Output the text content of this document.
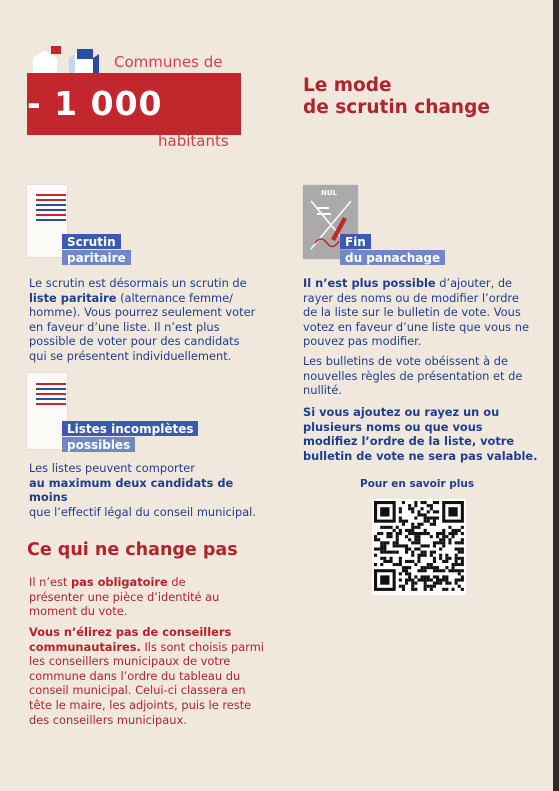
Communes de
- 1 000
habitants
Le mode
de scrutin change
Scrutin
paritaire

Le scrutin est désormais un scrutin de liste paritaire (alternance femme/ homme). Vous pourrez seulement voter en faveur d’une liste. Il n’est plus possible de voter pour des candidats qui se présentent individuellement.

Listes incomplètes
possibles
Les listes peuvent comporter
au maximum deux candidats de moins
que l’effectif légal du conseil municipal.
NUL
Fin
du panachage

Il n’est plus possible d’ajouter, de rayer des noms ou de modifier l’ordre de la liste sur le bulletin de vote. Vous votez en faveur d’une liste que vous ne pouvez pas modifier.

Les bulletins de vote obéissent à de nouvelles règles de présentation et de nullité.

Si vous ajoutez ou rayez un ou plusieurs noms ou que vous modifiez l’ordre de la liste, votre bulletin de vote ne sera pas valable.

Pour en savoir plus
Ce qui ne change pas

Il n’est pas obligatoire de présenter une pièce d’identité au moment du vote.

Vous n’élirez pas de conseillers communautaires. Ils sont choisis parmi les conseillers municipaux de votre commune dans l’ordre du tableau du conseil municipal. Celui-ci classera en tête le maire, les adjoints, puis le reste des conseillers municipaux.
